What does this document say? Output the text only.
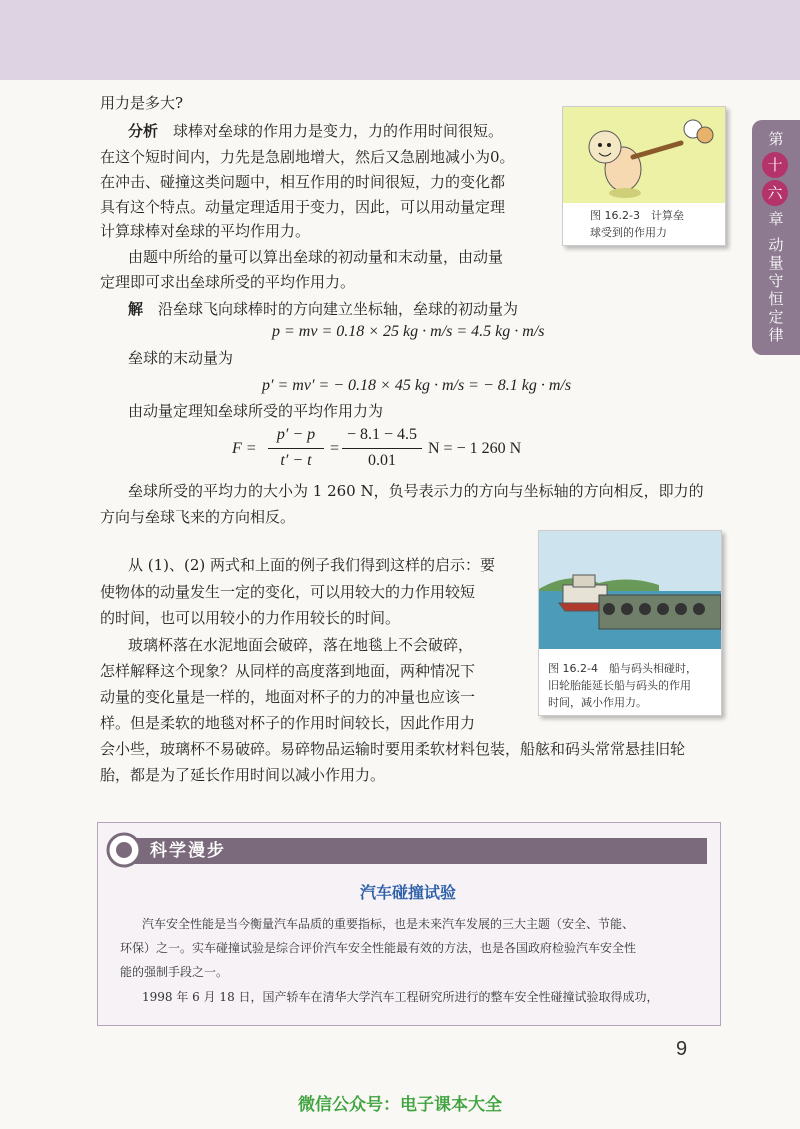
第
十
六
章
动量守恒定律
图 16.2-3　计算垒
球受到的作用力
用力是多大?
分析　 球棒对垒球的作用力是变力，力的作用时间很短。
在这个短时间内，力先是急剧地增大，然后又急剧地减小为0。
在冲击、碰撞这类问题中，相互作用的时间很短，力的变化都
具有这个特点。动量定理适用于变力，因此，可以用动量定理
计算球棒对垒球的平均作用力。
由题中所给的量可以算出垒球的初动量和末动量，由动量
定理即可求出垒球所受的平均作用力。
解　 沿垒球飞向球棒时的方向建立坐标轴，垒球的初动量为
p = mv = 0.18 × 25 kg · m/s = 4.5 kg · m/s
垒球的末动量为
p′ = mv′ = − 0.18 × 45 kg · m/s = − 8.1 kg · m/s
由动量定理知垒球所受的平均作用力为
F =
p′ − p
t′ − t
=
− 8.1 − 4.5
0.01
N = − 1 260 N
垒球所受的平均力的大小为 1 260 N，负号表示力的方向与坐标轴的方向相反，即力的
方向与垒球飞来的方向相反。
图 16.2-4　船与码头相碰时，
旧轮胎能延长船与码头的作用
时间，减小作用力。
从 (1)、(2) 两式和上面的例子我们得到这样的启示：要
使物体的动量发生一定的变化，可以用较大的力作用较短
的时间，也可以用较小的力作用较长的时间。
玻璃杯落在水泥地面会破碎，落在地毯上不会破碎，
怎样解释这个现象？从同样的高度落到地面，两种情况下
动量的变化量是一样的，地面对杯子的力的冲量也应该一
样。但是柔软的地毯对杯子的作用时间较长，因此作用力
会小些，玻璃杯不易破碎。易碎物品运输时要用柔软材料包装，船舷和码头常常悬挂旧轮
胎，都是为了延长作用时间以减小作用力。
科学漫步
汽车碰撞试验
汽车安全性能是当今衡量汽车品质的重要指标，也是未来汽车发展的三大主题（安全、节能、
环保）之一。实车碰撞试验是综合评价汽车安全性能最有效的方法，也是各国政府检验汽车安全性
能的强制手段之一。
1998 年 6 月 18 日，国产轿车在清华大学汽车工程研究所进行的整车安全性碰撞试验取得成功，
9
微信公众号：电子课本大全
